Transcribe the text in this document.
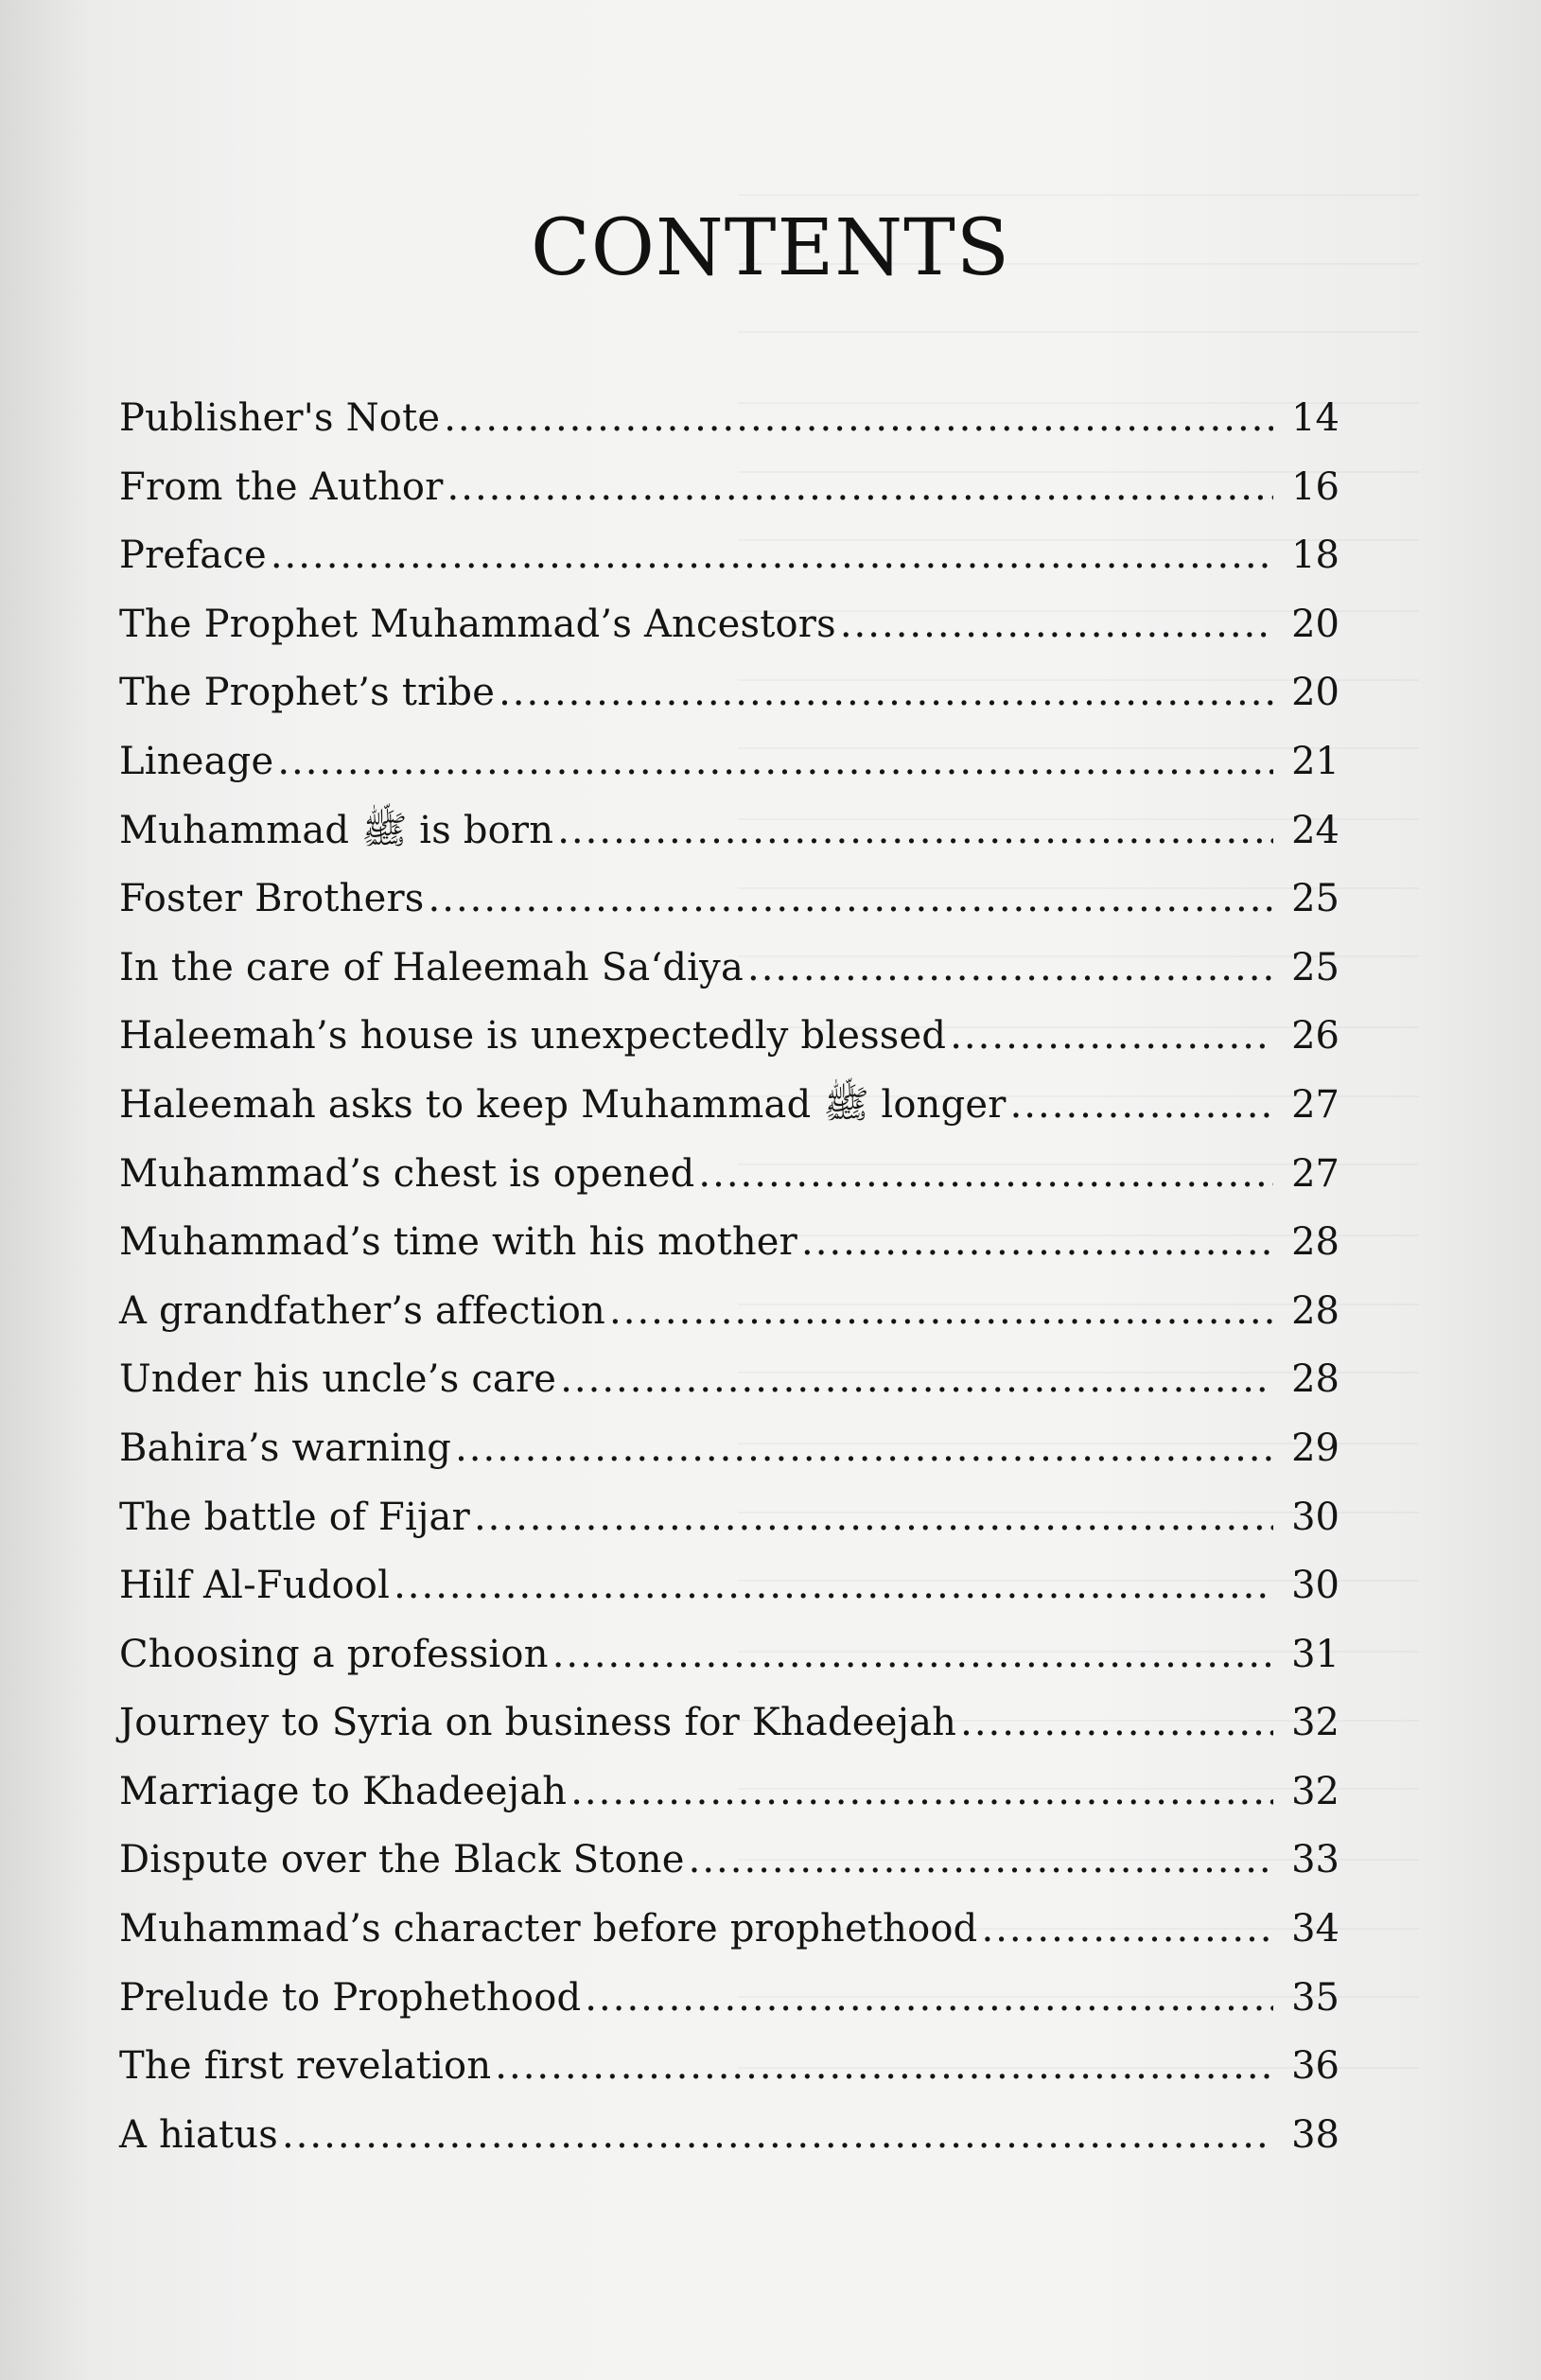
CONTENTS
Publisher's Note .....	14
From the Author .....	16
Preface .....	18
The Prophet Muhammad’s Ancestors .....	20
The Prophet’s tribe .....	20
Lineage .....	21
Muhammad ﷺ is born .....	24
Foster Brothers .....	25
In the care of Haleemah Sa‘diya .....	25
Haleemah’s house is unexpectedly blessed .....	26
Haleemah asks to keep Muhammad ﷺ longer .....	27
Muhammad’s chest is opened .....	27
Muhammad’s time with his mother .....	28
A grandfather’s affection .....	28
Under his uncle’s care .....	28
Bahira’s warning .....	29
The battle of Fijar .....	30
Hilf Al-Fudool .....	30
Choosing a profession .....	31
Journey to Syria on business for Khadeejah .....	32
Marriage to Khadeejah .....	32
Dispute over the Black Stone .....	33
Muhammad’s character before prophethood .....	34
Prelude to Prophethood .....	35
The first revelation .....	36
A hiatus .....	38
